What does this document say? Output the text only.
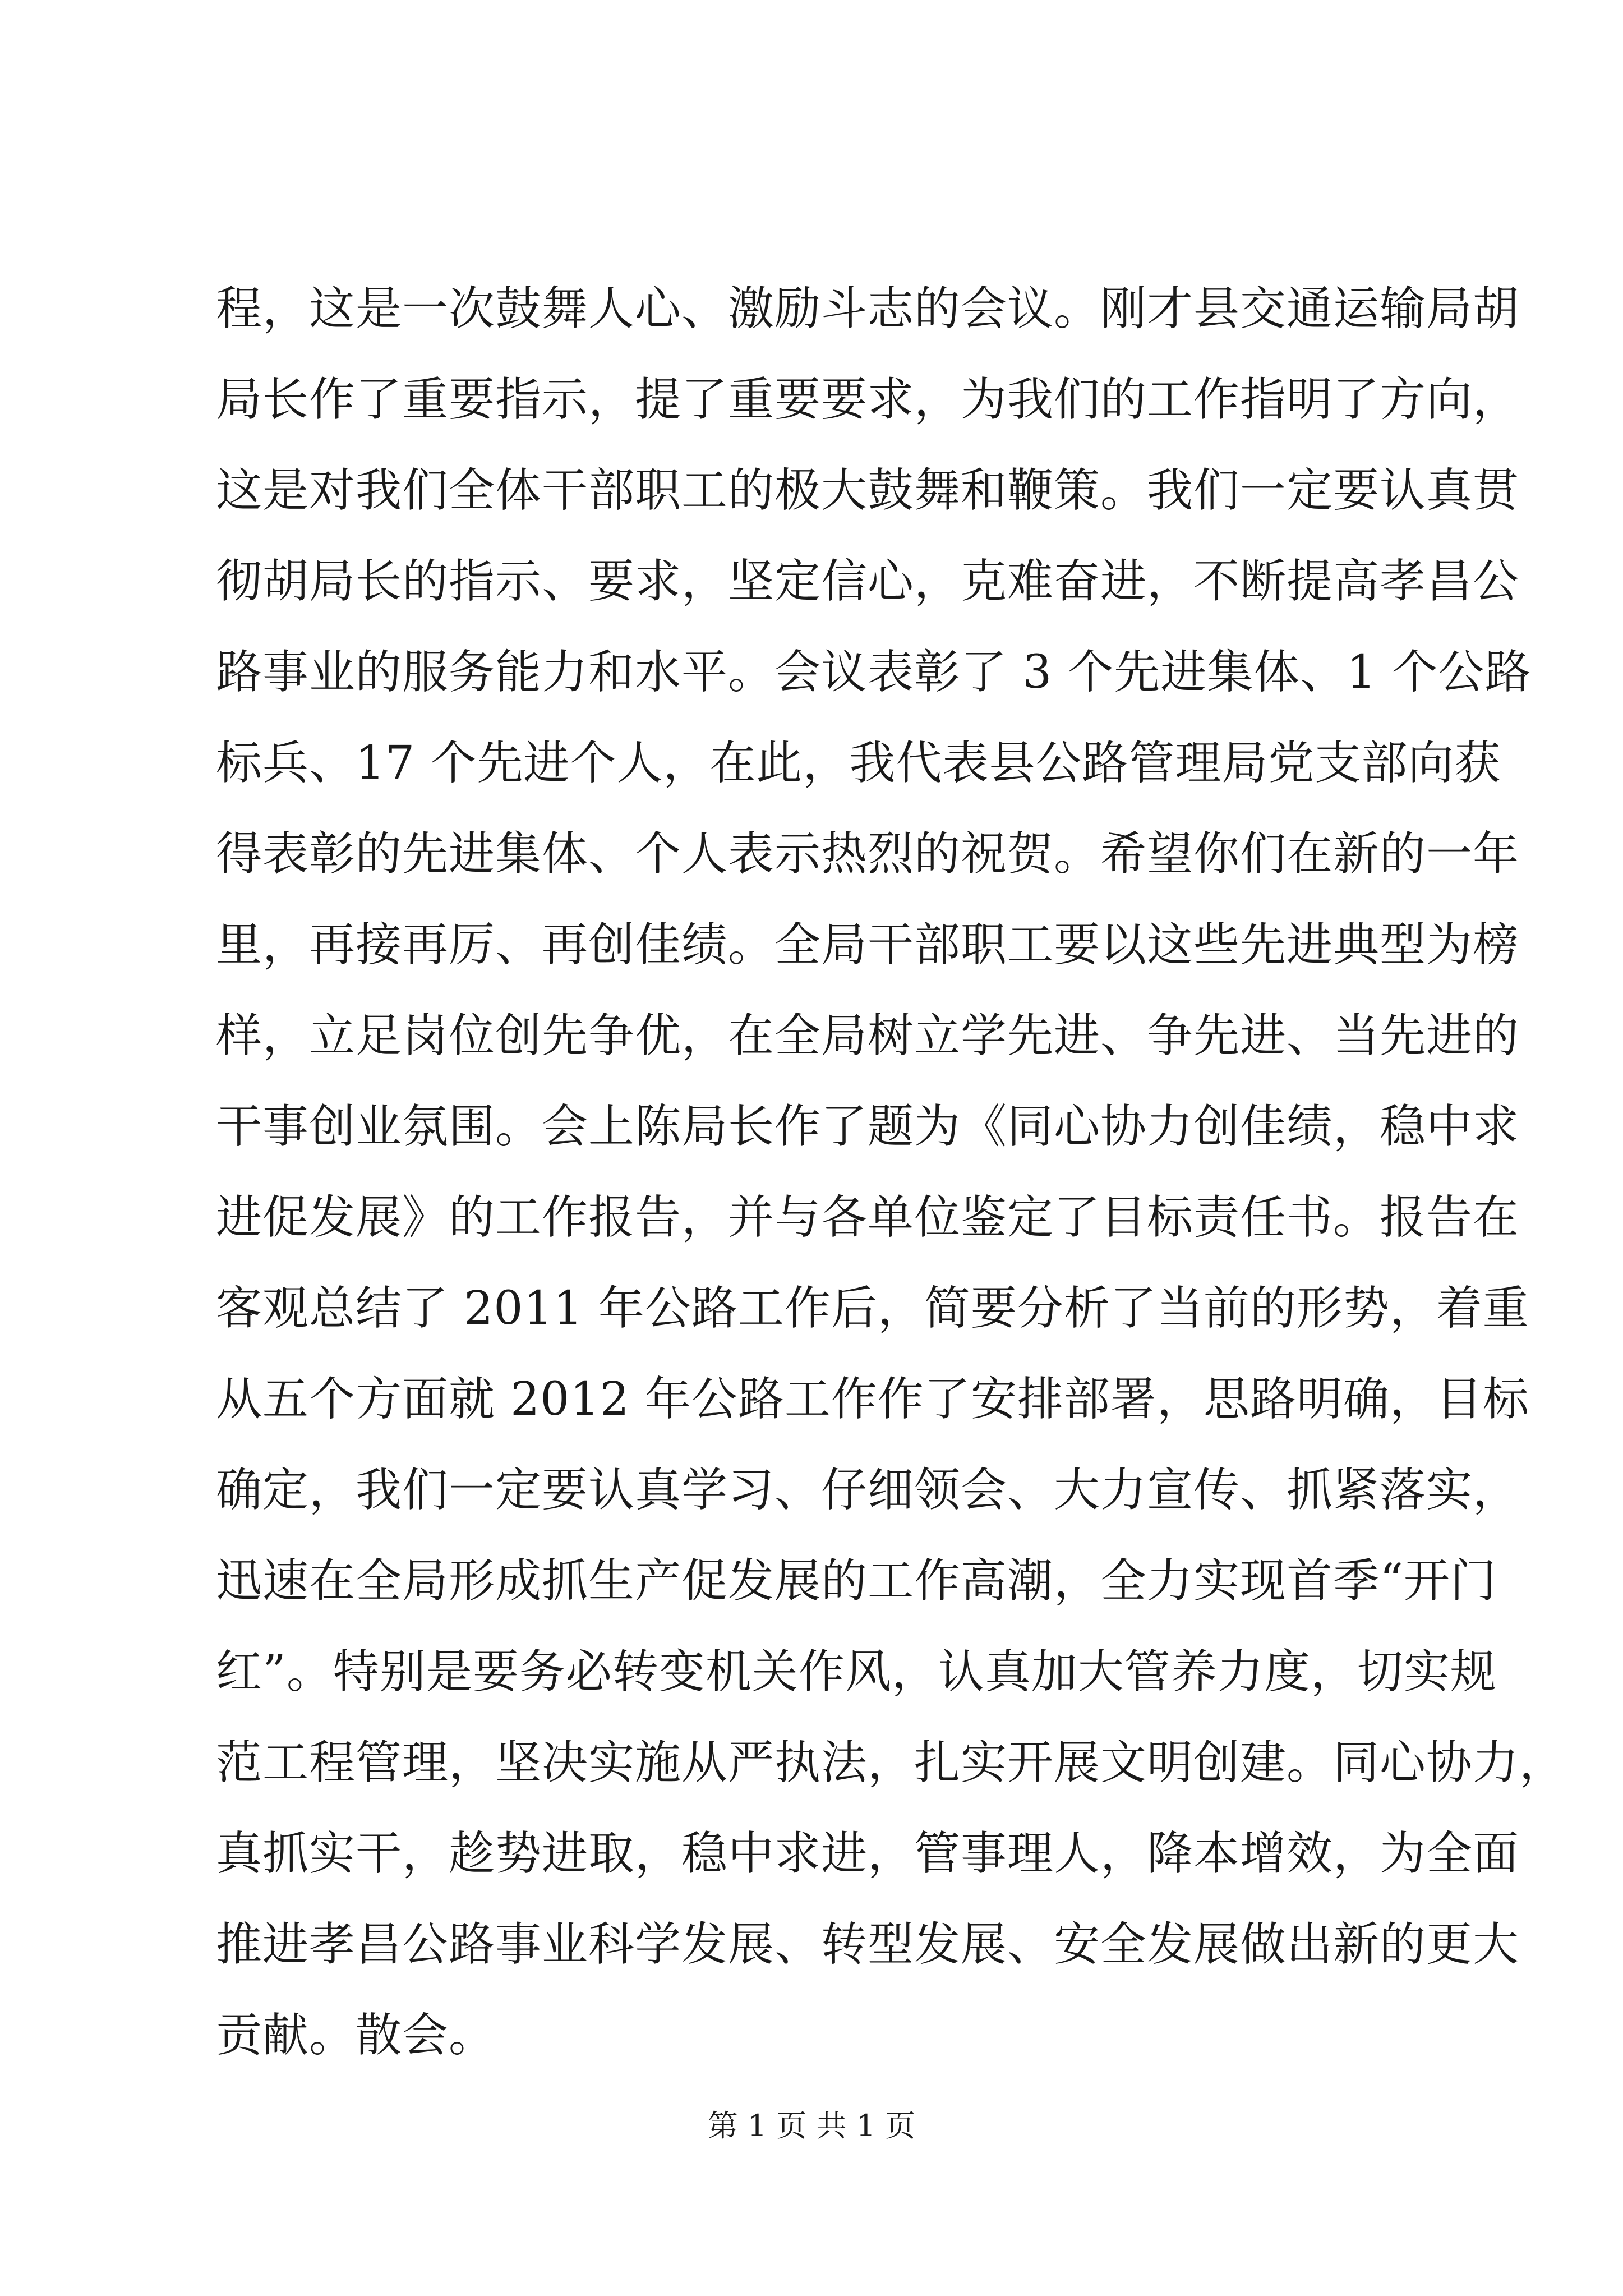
程，这是一次鼓舞人心、激励斗志的会议。刚才县交通运输局胡
局长作了重要指示，提了重要要求，为我们的工作指明了方向，
这是对我们全体干部职工的极大鼓舞和鞭策。我们一定要认真贯
彻胡局长的指示、要求，坚定信心，克难奋进，不断提高孝昌公
路事业的服务能力和水平。会议表彰了 3 个先进集体、1 个公路
标兵、17 个先进个人，在此，我代表县公路管理局党支部向获
得表彰的先进集体、个人表示热烈的祝贺。希望你们在新的一年
里，再接再厉、再创佳绩。全局干部职工要以这些先进典型为榜
样，立足岗位创先争优，在全局树立学先进、争先进、当先进的
干事创业氛围。会上陈局长作了题为《同心协力创佳绩，稳中求
进促发展》的工作报告，并与各单位鉴定了目标责任书。报告在
客观总结了 2011 年公路工作后，简要分析了当前的形势，着重
从五个方面就 2012 年公路工作作了安排部署，思路明确，目标
确定，我们一定要认真学习、仔细领会、大力宣传、抓紧落实，
迅速在全局形成抓生产促发展的工作高潮，全力实现首季“开门
红”。特别是要务必转变机关作风，认真加大管养力度，切实规
范工程管理，坚决实施从严执法，扎实开展文明创建。同心协力，
真抓实干，趁势进取，稳中求进，管事理人，降本增效，为全面
推进孝昌公路事业科学发展、转型发展、安全发展做出新的更大
贡献。散会。
第 1 页 共 1 页
